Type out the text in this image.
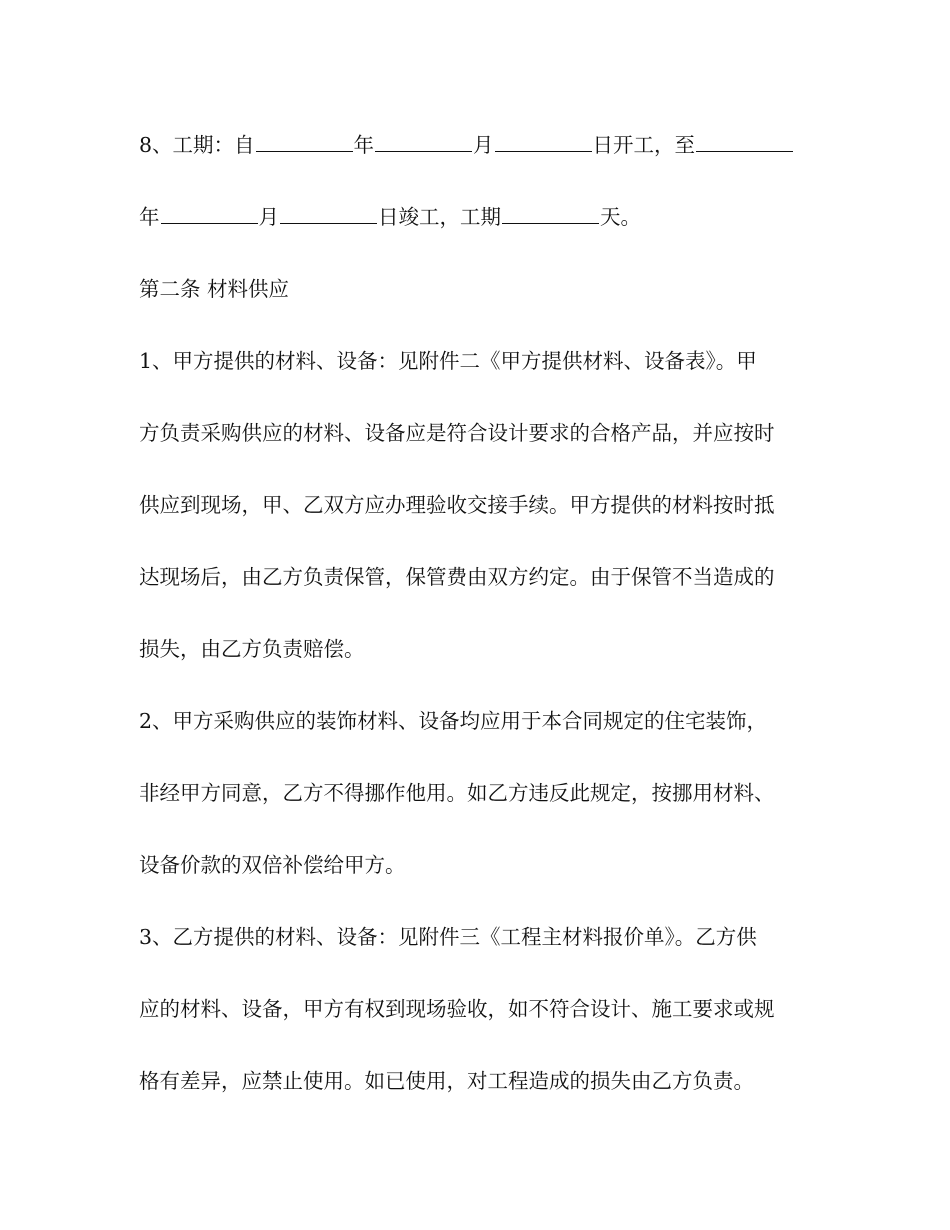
8、工期：自	年	月	日开工，至
年	月	日竣工，工期	天。
第二条 材料供应
1、甲方提供的材料、设备：见附件二《甲方提供材料、设备表》。甲
方负责采购供应的材料、设备应是符合设计要求的合格产品，并应按时
供应到现场，甲、乙双方应办理验收交接手续。甲方提供的材料按时抵
达现场后，由乙方负责保管，保管费由双方约定。由于保管不当造成的
损失，由乙方负责赔偿。
2、甲方采购供应的装饰材料、设备均应用于本合同规定的住宅装饰，
非经甲方同意，乙方不得挪作他用。如乙方违反此规定，按挪用材料、
设备价款的双倍补偿给甲方。
3、乙方提供的材料、设备：见附件三《工程主材料报价单》。乙方供
应的材料、设备，甲方有权到现场验收，如不符合设计、施工要求或规
格有差异，应禁止使用。如已使用，对工程造成的损失由乙方负责。
